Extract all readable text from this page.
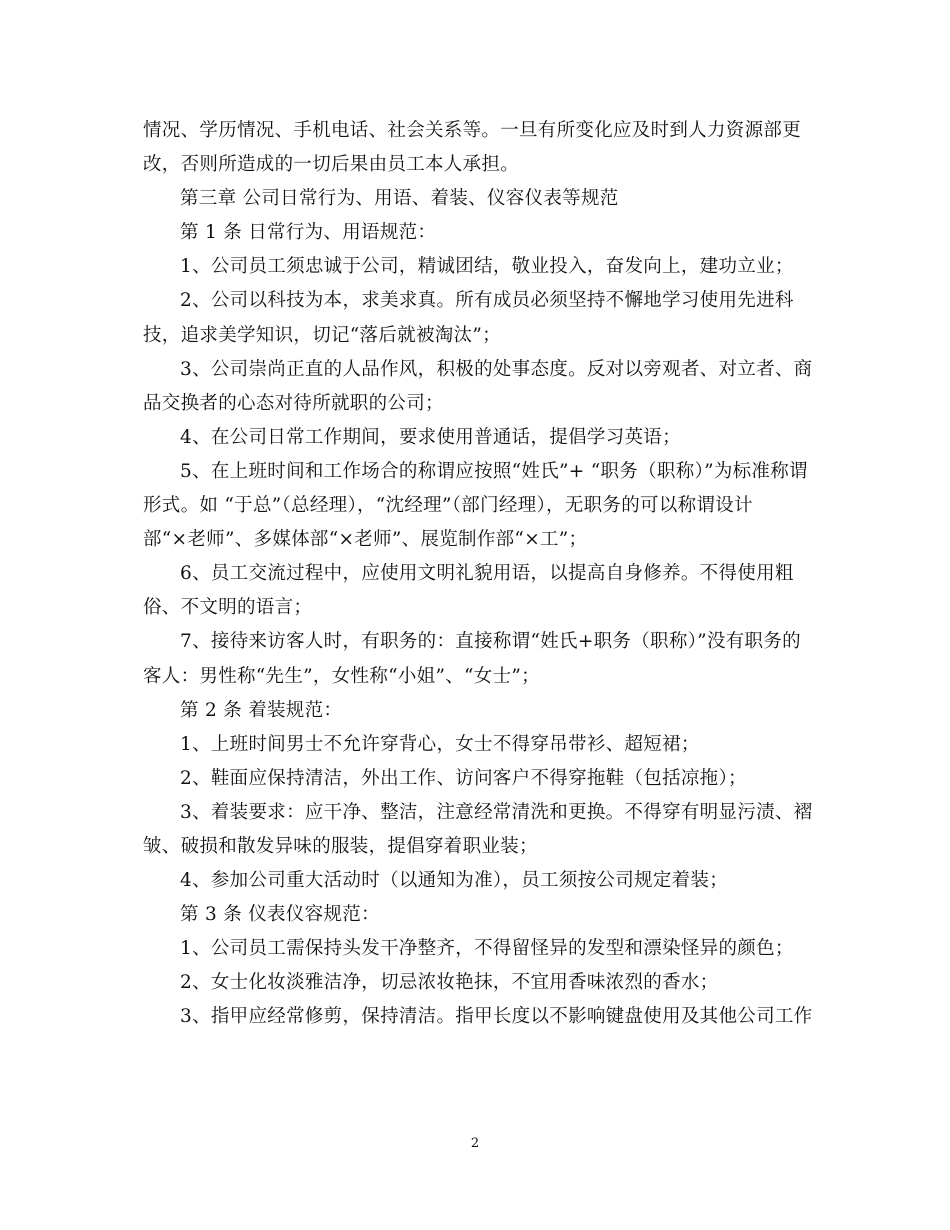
情况、学历情况、手机电话、社会关系等。一旦有所变化应及时到人力资源部更
改，否则所造成的一切后果由员工本人承担。
第三章 公司日常行为、用语、着装、仪容仪表等规范
第 1 条 日常行为、用语规范：
1、公司员工须忠诚于公司，精诚团结，敬业投入，奋发向上，建功立业；
2、公司以科技为本，求美求真。所有成员必须坚持不懈地学习使用先进科
技，追求美学知识，切记“落后就被淘汰”；
3、公司崇尚正直的人品作风，积极的处事态度。反对以旁观者、对立者、商
品交换者的心态对待所就职的公司；
4、在公司日常工作期间，要求使用普通话，提倡学习英语；
5、在上班时间和工作场合的称谓应按照“姓氏”+ “职务（职称）”为标准称谓
形式。如 “于总”（总经理），“沈经理”（部门经理），无职务的可以称谓设计
部“×老师”、多媒体部“×老师”、展览制作部“×工”；
6、员工交流过程中，应使用文明礼貌用语，以提高自身修养。不得使用粗
俗、不文明的语言；
7、接待来访客人时，有职务的：直接称谓“姓氏+职务（职称）”没有职务的
客人：男性称“先生”，女性称“小姐”、“女士”；
第 2 条 着装规范：
1、上班时间男士不允许穿背心，女士不得穿吊带衫、超短裙；
2、鞋面应保持清洁，外出工作、访问客户不得穿拖鞋（包括凉拖）；
3、着装要求：应干净、整洁，注意经常清洗和更换。不得穿有明显污渍、褶
皱、破损和散发异味的服装，提倡穿着职业装；
4、参加公司重大活动时（以通知为准），员工须按公司规定着装；
第 3 条 仪表仪容规范：
1、公司员工需保持头发干净整齐，不得留怪异的发型和漂染怪异的颜色；
2、女士化妆淡雅洁净，切忌浓妆艳抹，不宜用香味浓烈的香水；
3、指甲应经常修剪，保持清洁。指甲长度以不影响键盘使用及其他公司工作
2
